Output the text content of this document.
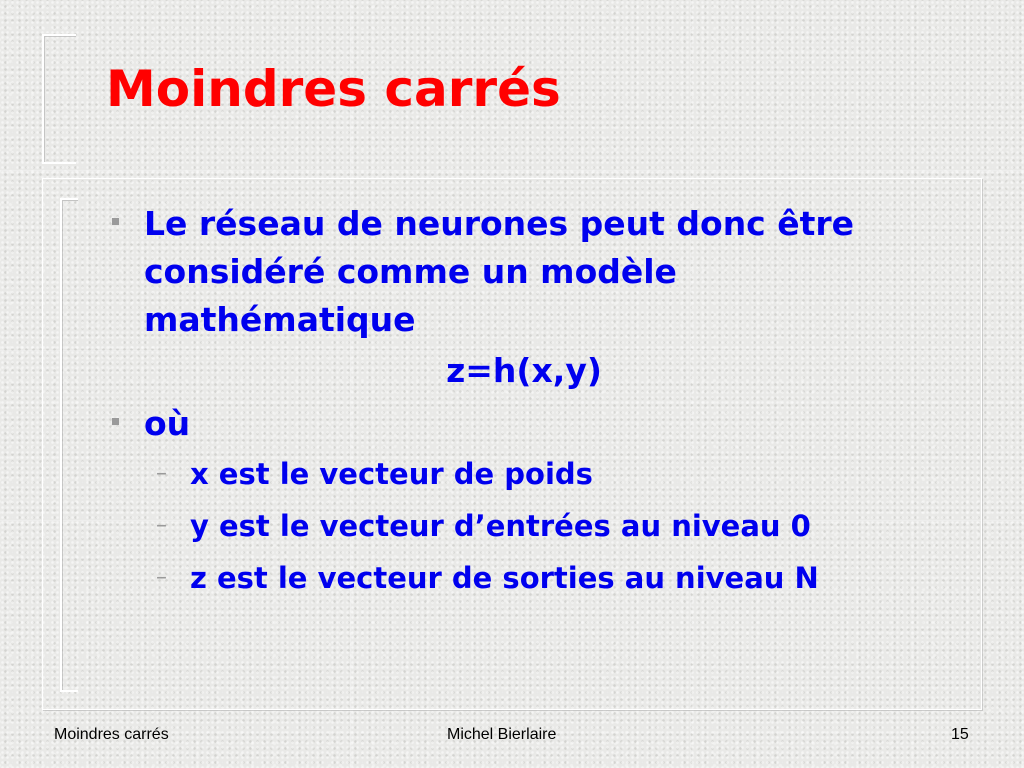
Moindres carrés
Le réseau de neurones peut donc être considéré comme un modèle mathématique
z=h(x,y)
où
– x est le vecteur de poids
– y est le vecteur d’entrées au niveau 0
– z est le vecteur de sorties au niveau N
Moindres carrés	Michel Bierlaire	15
